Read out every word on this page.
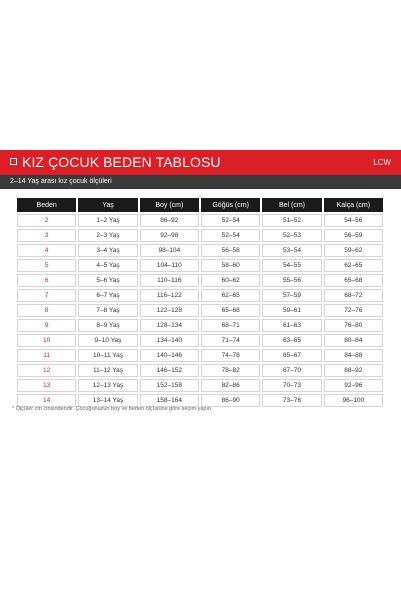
KIZ ÇOCUK BEDEN TABLOSU	LCW
2–14 Yaş arası kız çocuk ölçüleri
Beden	Yaş	Boy (cm)	Göğüs (cm)	Bel (cm)	Kalça (cm)
2	1–2 Yaş	86–92	52–54	51–52	54–56
3	2–3 Yaş	92–98	52–54	52–53	56–59
4	3–4 Yaş	98–104	56–58	53–54	59–62
5	4–5 Yaş	104–110	58–60	54–55	62–65
6	5–6 Yaş	110–116	60–62	55–56	65–68
7	6–7 Yaş	116–122	62–65	57–59	68–72
8	7–8 Yaş	122–128	65–68	59–61	72–76
9	8–9 Yaş	128–134	68–71	61–63	76–80
10	9–10 Yaş	134–140	71–74	63–65	80–84
11	10–11 Yaş	140–146	74–78	65–67	84–88
12	11–12 Yaş	146–152	78–82	67–70	88–92
13	12–13 Yaş	152–158	82–86	70–73	92–96
14	13–14 Yaş	158–164	86–90	73–76	96–100
* Ölçüler cm cinsindendir. Çocuğunuzun boy ve beden ölçüsüne göre seçim yapın.
